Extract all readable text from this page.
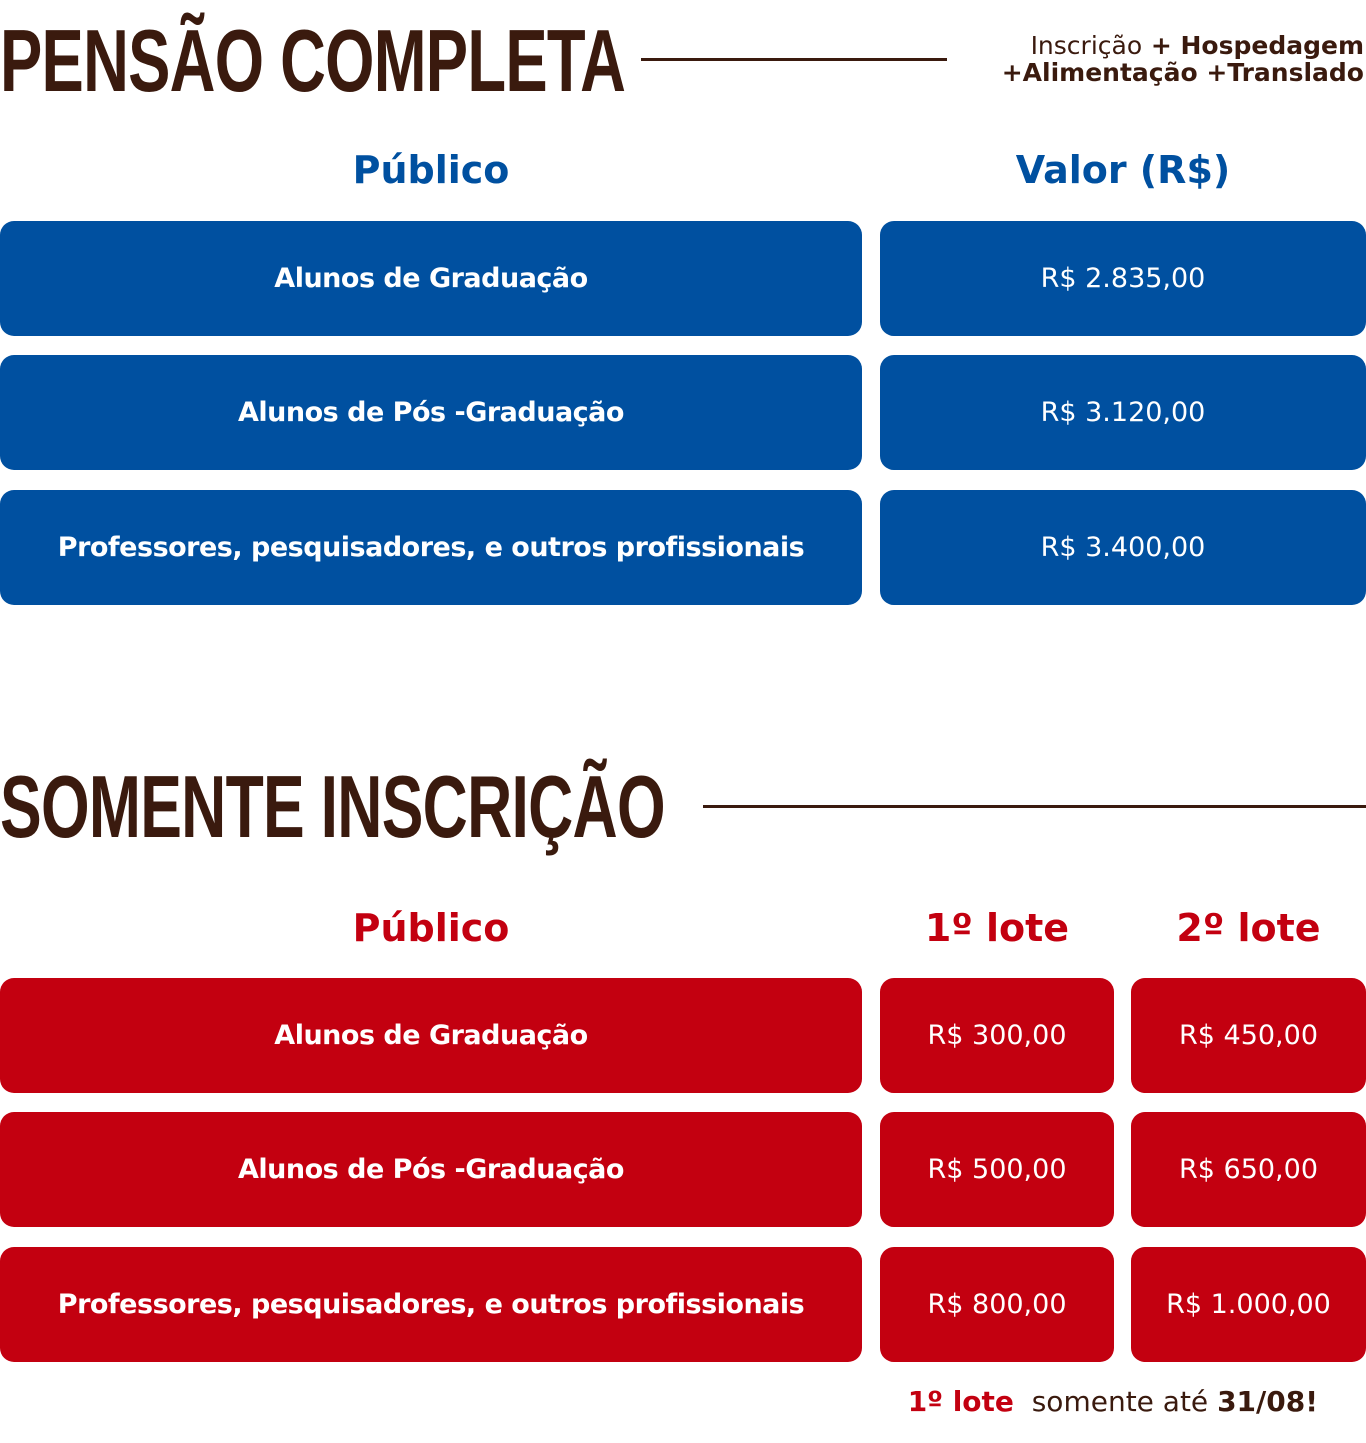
PENSÃO COMPLETA	Inscrição + Hospedagem
+Alimentação +Translado
Público	Valor (R$)
Alunos de Graduação	R$ 2.835,00
Alunos de Pós -Graduação	R$ 3.120,00
Professores, pesquisadores, e outros profissionais	R$ 3.400,00
SOMENTE INSCRIÇÃO
Público	1º lote	2º lote
Alunos de Graduação	R$ 300,00	R$ 450,00
Alunos de Pós -Graduação	R$ 500,00	R$ 650,00
Professores, pesquisadores, e outros profissionais	R$ 800,00	R$ 1.000,00
1º lote  somente até 31/08!
